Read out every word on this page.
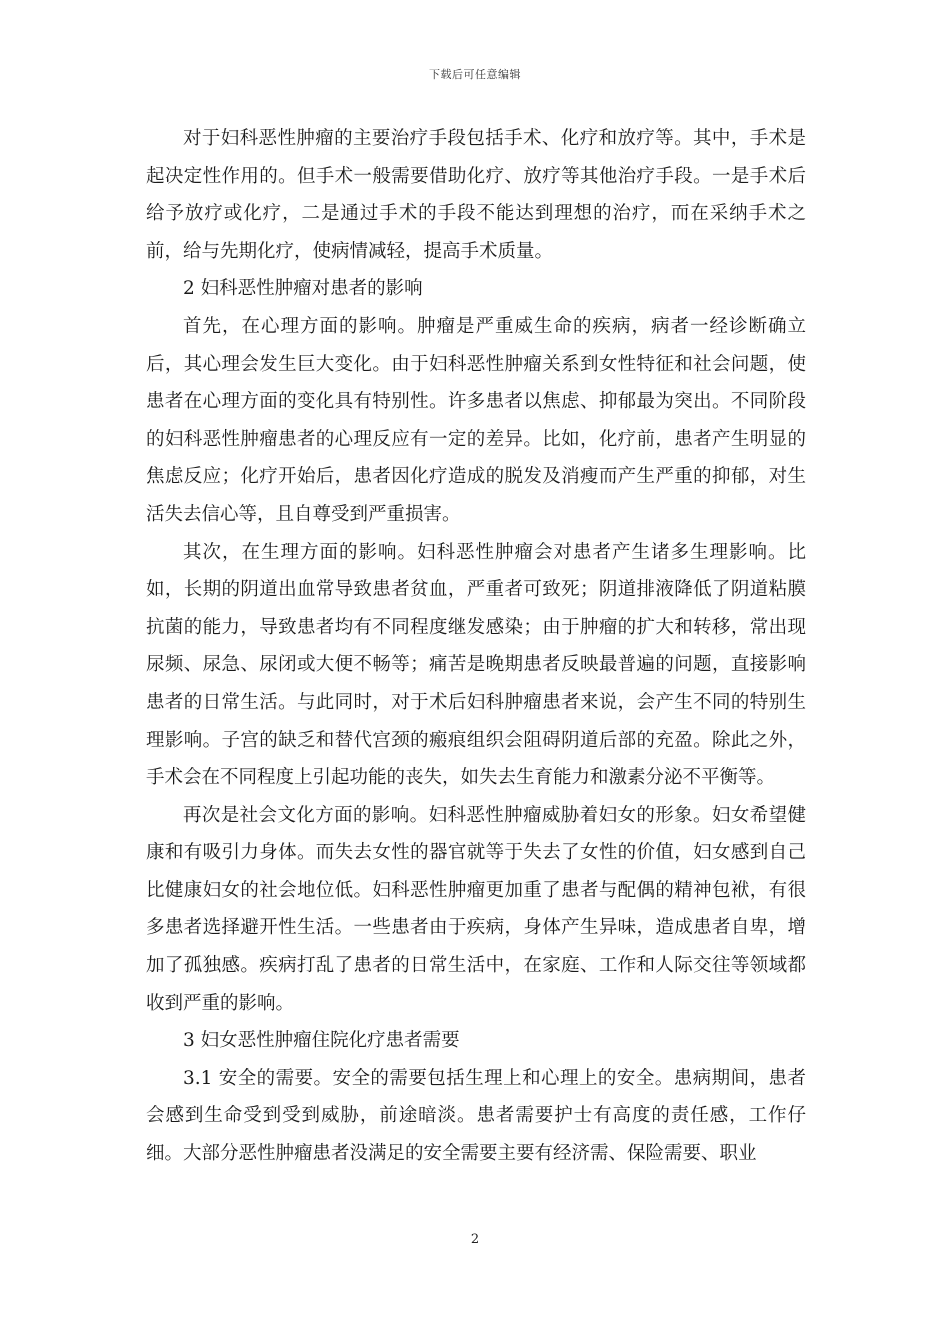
下载后可任意编辑

对于妇科恶性肿瘤的主要治疗手段包括手术、化疗和放疗等。其中，手术是起决定性作用的。但手术一般需要借助化疗、放疗等其他治疗手段。一是手术后给予放疗或化疗，二是通过手术的手段不能达到理想的治疗，而在采纳手术之前，给与先期化疗，使病情减轻，提高手术质量。

2 妇科恶性肿瘤对患者的影响

首先，在心理方面的影响。肿瘤是严重威生命的疾病，病者一经诊断确立后，其心理会发生巨大变化。由于妇科恶性肿瘤关系到女性特征和社会问题，使患者在心理方面的变化具有特别性。许多患者以焦虑、抑郁最为突出。不同阶段的妇科恶性肿瘤患者的心理反应有一定的差异。比如，化疗前，患者产生明显的焦虑反应；化疗开始后，患者因化疗造成的脱发及消瘦而产生严重的抑郁，对生活失去信心等，且自尊受到严重损害。

其次，在生理方面的影响。妇科恶性肿瘤会对患者产生诸多生理影响。比如，长期的阴道出血常导致患者贫血，严重者可致死；阴道排液降低了阴道粘膜抗菌的能力，导致患者均有不同程度继发感染；由于肿瘤的扩大和转移，常出现尿频、尿急、尿闭或大便不畅等；痛苦是晚期患者反映最普遍的问题，直接影响患者的日常生活。与此同时，对于术后妇科肿瘤患者来说，会产生不同的特别生理影响。子宫的缺乏和替代宫颈的瘢痕组织会阻碍阴道后部的充盈。除此之外，手术会在不同程度上引起功能的丧失，如失去生育能力和激素分泌不平衡等。

再次是社会文化方面的影响。妇科恶性肿瘤威胁着妇女的形象。妇女希望健康和有吸引力身体。而失去女性的器官就等于失去了女性的价值，妇女感到自己比健康妇女的社会地位低。妇科恶性肿瘤更加重了患者与配偶的精神包袱，有很多患者选择避开性生活。一些患者由于疾病，身体产生异味，造成患者自卑，增加了孤独感。疾病打乱了患者的日常生活中，在家庭、工作和人际交往等领域都收到严重的影响。

3 妇女恶性肿瘤住院化疗患者需要

3.1 安全的需要。安全的需要包括生理上和心理上的安全。患病期间，患者会感到生命受到受到威胁，前途暗淡。患者需要护士有高度的责任感，工作仔细。大部分恶性肿瘤患者没满足的安全需要主要有经济需、保险需要、职业

2
